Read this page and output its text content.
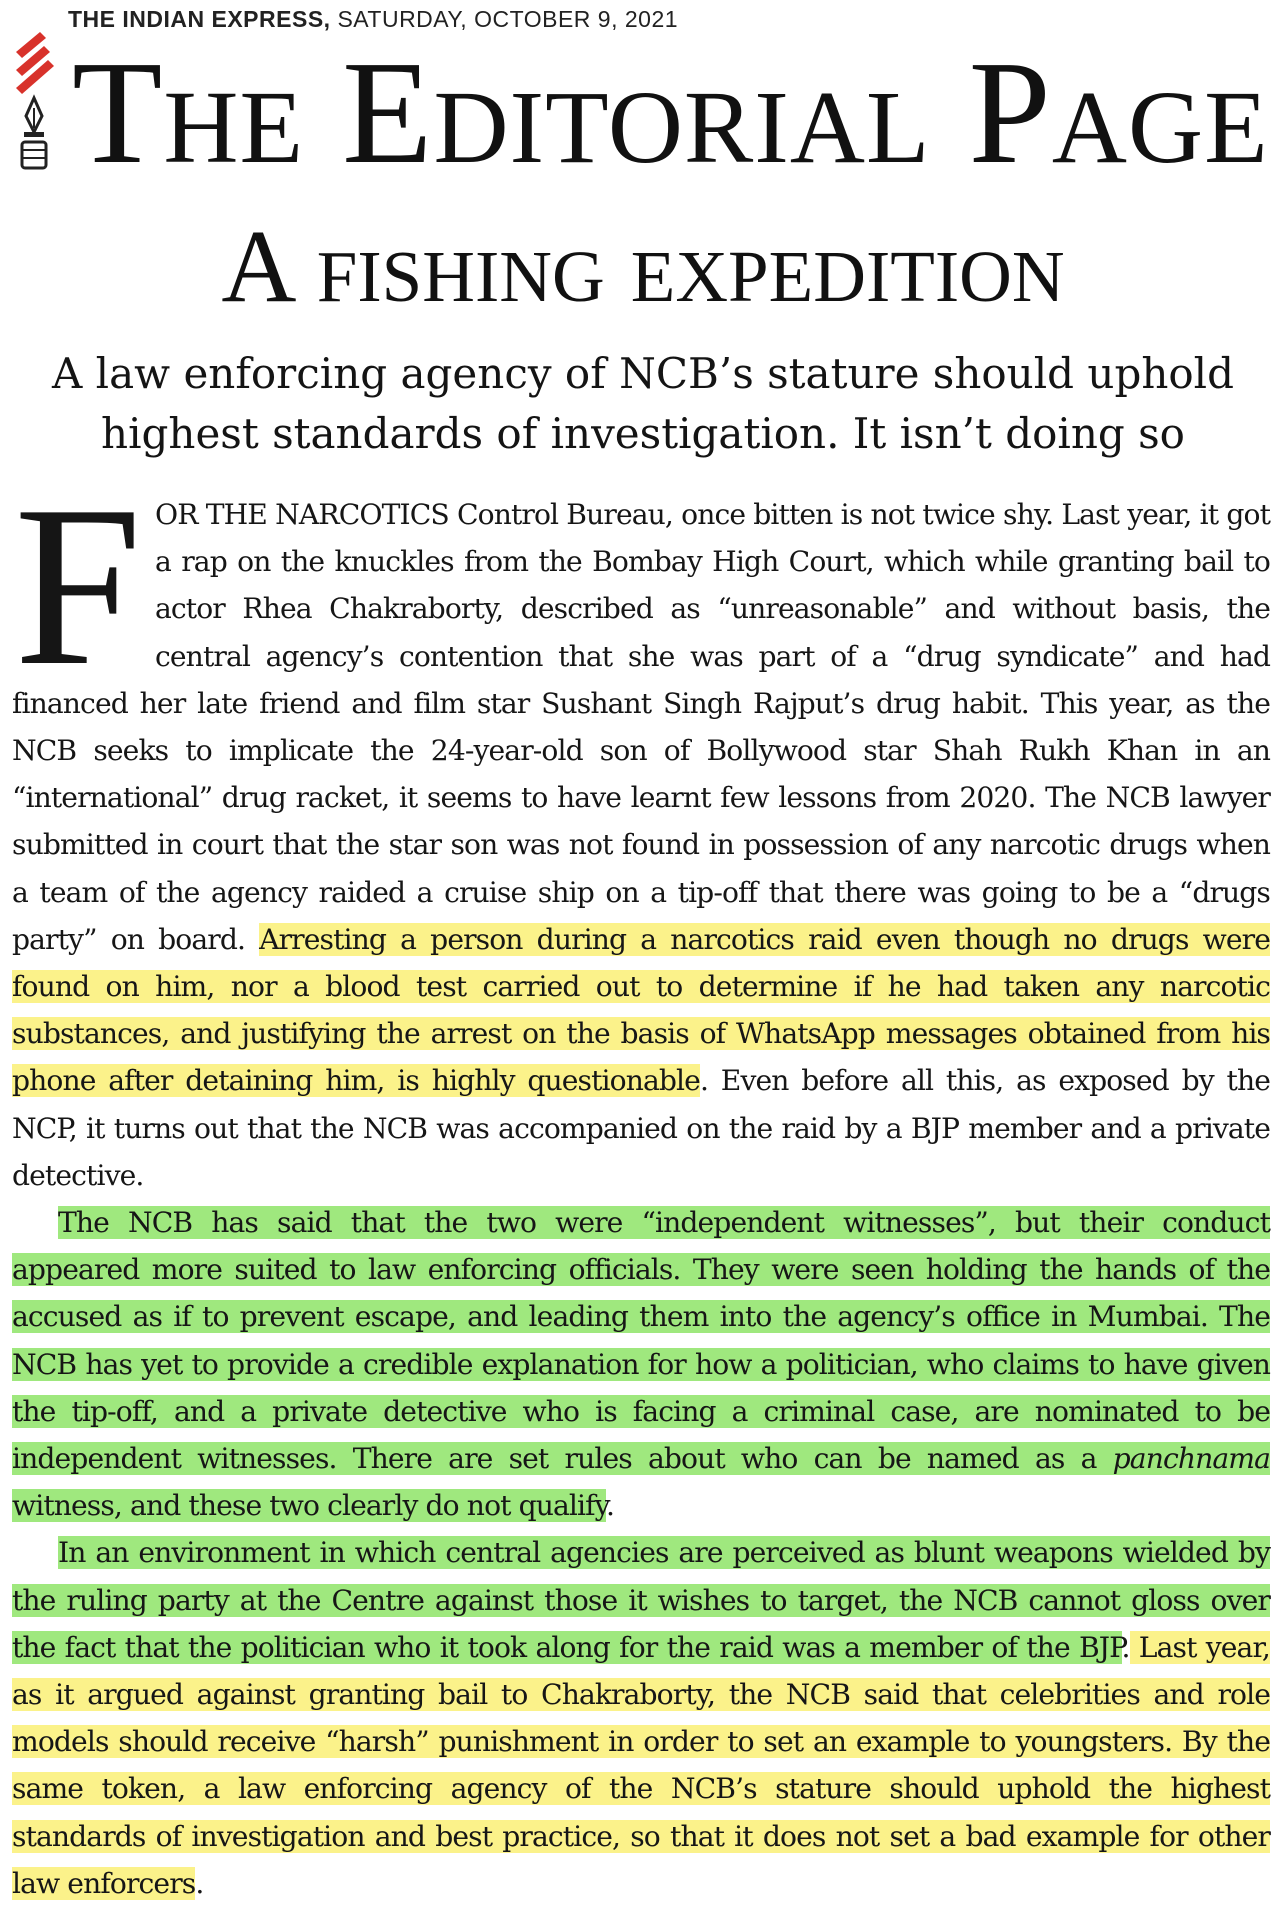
THE INDIAN EXPRESS, SATURDAY, OCTOBER 9, 2021
The Editorial Page
A fishing expedition
A law enforcing agency of NCB’s stature should uphold highest standards of investigation. It isn’t doing so

FOR THE NARCOTICS Control Bureau, once bitten is not twice shy. Last year, it got a rap on the knuckles from the Bombay High Court, which while granting bail to actor Rhea Chakraborty, described as “unreasonable” and without basis, the central agency’s contention that she was part of a “drug syndicate” and had financed her late friend and film star Sushant Singh Rajput’s drug habit. This year, as the NCB seeks to implicate the 24-year-old son of Bollywood star Shah Rukh Khan in an “international” drug racket, it seems to have learnt few lessons from 2020. The NCB lawyer submitted in court that the star son was not found in possession of any narcotic drugs when a team of the agency raided a cruise ship on a tip-off that there was going to be a “drugs party” on board. Arresting a person during a narcotics raid even though no drugs were found on him, nor a blood test carried out to determine if he had taken any narcotic substances, and justifying the arrest on the basis of WhatsApp messages obtained from his phone after detaining him, is highly questionable. Even before all this, as exposed by the NCP, it turns out that the NCB was accompanied on the raid by a BJP member and a private detective.

The NCB has said that the two were “independent witnesses”, but their conduct appeared more suited to law enforcing officials. They were seen holding the hands of the accused as if to prevent escape, and leading them into the agency’s office in Mumbai. The NCB has yet to provide a credible explanation for how a politician, who claims to have given the tip-off, and a private detective who is facing a criminal case, are nominated to be independent witnesses. There are set rules about who can be named as a panchnama witness, and these two clearly do not qualify.

In an environment in which central agencies are perceived as blunt weapons wielded by the ruling party at the Centre against those it wishes to target, the NCB cannot gloss over the fact that the politician who it took along for the raid was a member of the BJP. Last year, as it argued against granting bail to Chakraborty, the NCB said that celebrities and role models should receive “harsh” punishment in order to set an example to youngsters. By the same token, a law enforcing agency of the NCB’s stature should uphold the highest standards of investigation and best practice, so that it does not set a bad example for other law enforcers.
